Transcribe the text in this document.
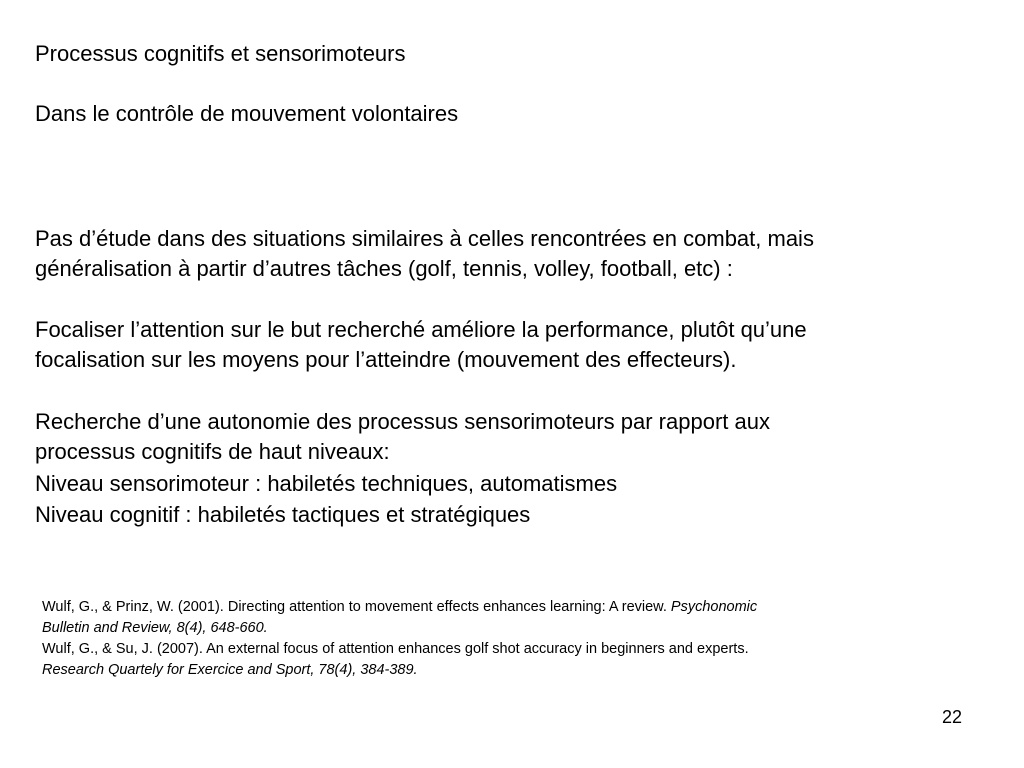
Processus cognitifs et sensorimoteurs
Dans le contrôle de mouvement volontaires
Pas d’étude dans des situations similaires à celles rencontrées en combat, mais
généralisation à partir d’autres tâches (golf, tennis, volley, football, etc) :
Focaliser l’attention sur le but recherché améliore la performance, plutôt qu’une
focalisation sur les moyens pour l’atteindre (mouvement des effecteurs).
Recherche d’une autonomie des processus sensorimoteurs par rapport aux
processus cognitifs de haut niveaux:
Niveau sensorimoteur : habiletés techniques, automatismes
Niveau cognitif : habiletés tactiques et stratégiques
Wulf, G., & Prinz, W. (2001). Directing attention to movement effects enhances learning: A review. Psychonomic
Bulletin and Review, 8(4), 648-660.
Wulf, G., & Su, J. (2007). An external focus of attention enhances golf shot accuracy in beginners and experts.
Research Quartely for Exercice and Sport, 78(4), 384-389.
22
